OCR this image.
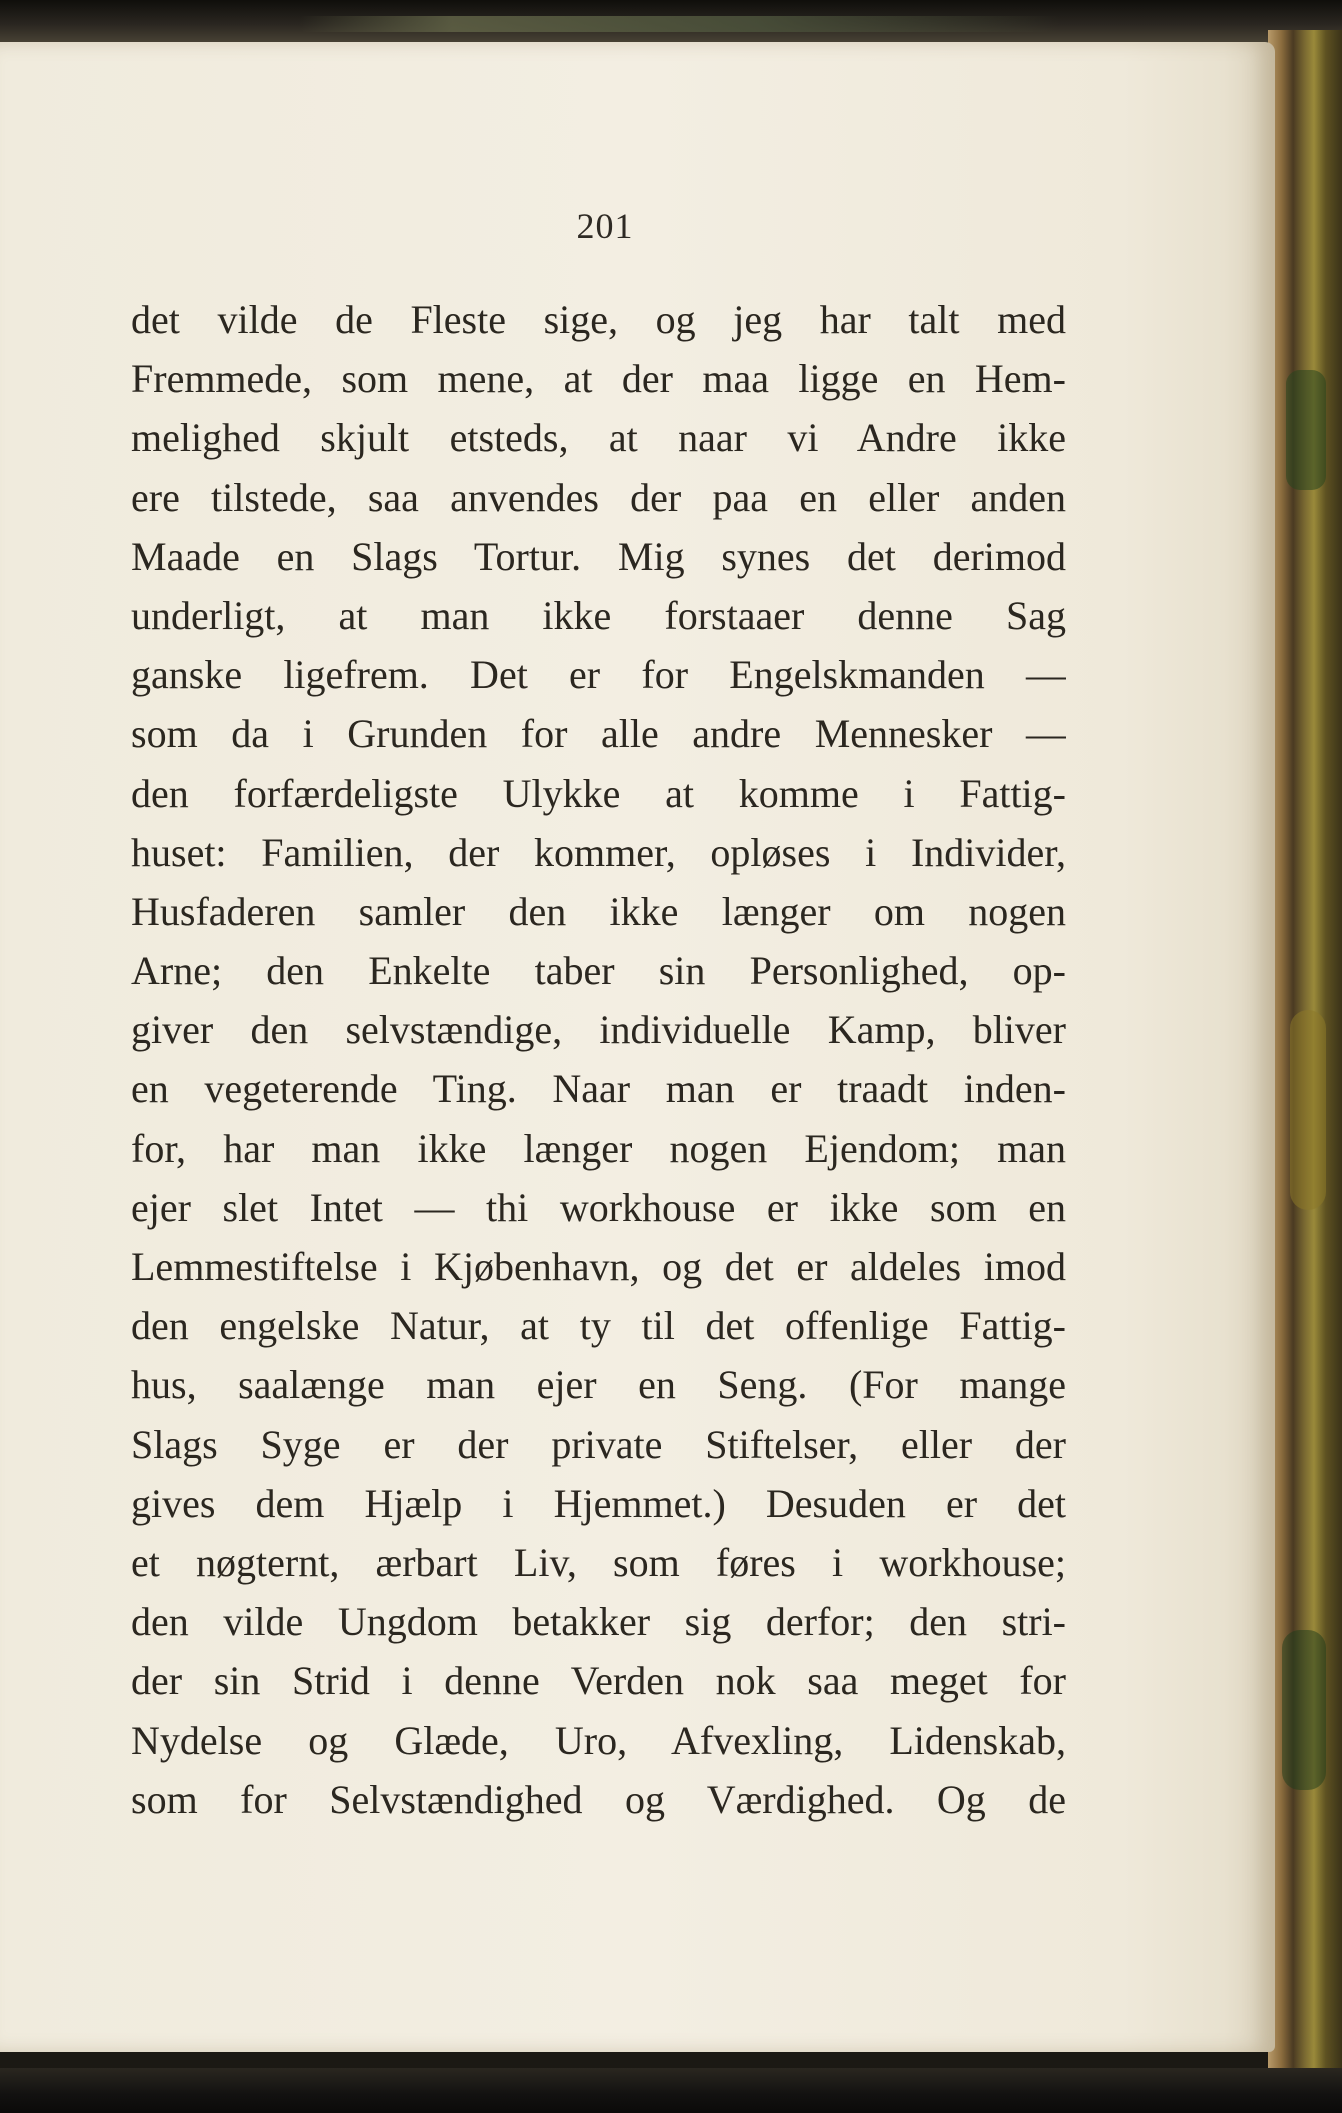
201
det vilde de Fleste sige, og jeg har talt med
Fremmede, som mene, at der maa ligge en Hem-
melighed skjult etsteds, at naar vi Andre ikke
ere tilstede, saa anvendes der paa en eller anden
Maade en Slags Tortur. Mig synes det derimod
underligt, at man ikke forstaaer denne Sag
ganske ligefrem. Det er for Engelskmanden —
som da i Grunden for alle andre Mennesker —
den forfærdeligste Ulykke at komme i Fattig-
huset: Familien, der kommer, opløses i Individer,
Husfaderen samler den ikke længer om nogen
Arne; den Enkelte taber sin Personlighed, op-
giver den selvstændige, individuelle Kamp, bliver
en vegeterende Ting. Naar man er traadt inden-
for, har man ikke længer nogen Ejendom; man
ejer slet Intet — thi workhouse er ikke som en
Lemmestiftelse i Kjøbenhavn, og det er aldeles imod
den engelske Natur, at ty til det offenlige Fattig-
hus, saalænge man ejer en Seng. (For mange
Slags Syge er der private Stiftelser, eller der
gives dem Hjælp i Hjemmet.) Desuden er det
et nøgternt, ærbart Liv, som føres i workhouse;
den vilde Ungdom betakker sig derfor; den stri-
der sin Strid i denne Verden nok saa meget for
Nydelse og Glæde, Uro, Afvexling, Lidenskab,
som for Selvstændighed og Værdighed. Og de
